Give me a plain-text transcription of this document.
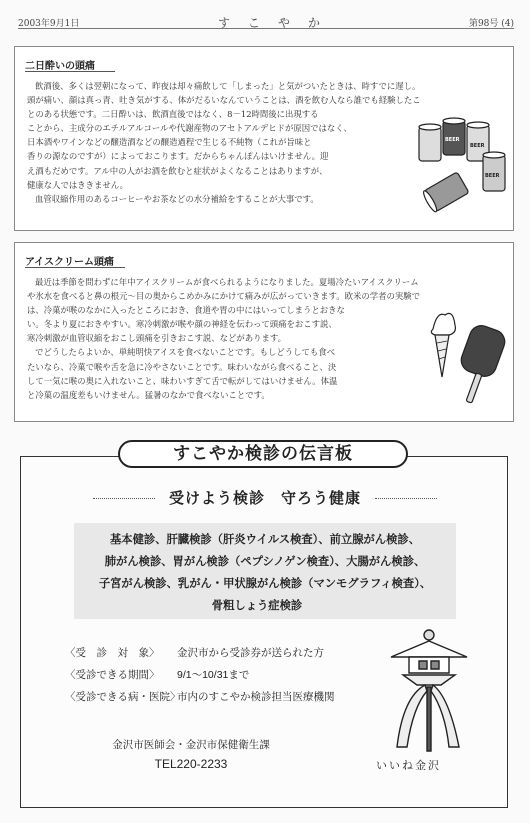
2003年9月1日	すこやか	第98号 (4)
二日酔いの頭痛
飲酒後、多くは翌朝になって、昨夜は却々痛飲して「しまった」と気がついたときは、時すでに遅し。
頭が痛い、顔は真っ青、吐き気がする、体がだるいなんていうことは、酒を飲む人なら誰でも経験したこ
とのある状態です。二日酔いは、飲酒直後ではなく、8－12時間後に出現する
ことから、主成分のエチルアルコールや代謝産物のアセトアルデヒドが原因ではなく、
日本酒やワインなどの醸造酒などの醸造過程で生じる不純物（これが旨味と
香りの源なのですが）によっておこります。だからちゃんぽんはいけません。迎
え酒もだめです。アル中の人がお酒を飲むと症状がよくなることはありますが、
健康な人ではききません。
血管収縮作用のあるコーヒーやお茶などの水分補給をすることが大事です。
BEER
BEER
BEER
アイスクリーム頭痛
最近は季節を問わずに年中アイスクリームが食べられるようになりました。夏場冷たいアイスクリーム
や氷水を食べると鼻の根元～目の奥からこめかみにかけて痛みが広がっていきます。欧米の学者の実験で
は、冷菓が喉のなかに入ったところにおき、食道や胃の中にはいってしまうとおきな
い。冬より夏におきやすい。寒冷刺激が喉や顔の神経を伝わって頭痛をおこす説、
寒冷刺激が血管収縮をおこし頭痛を引きおこす説、などがあります。
でどうしたらよいか、単純明快アイスを食べないことです。もしどうしても食べ
たいなら、冷菓で喉や舌を急に冷やさないことです。味わいながら食べること、決
して一気に喉の奥に入れないこと、味わいすぎて舌で転がしてはいけません。体温
と冷菓の温度差もいけません。猛暑のなかで食べないことです。
受けよう検診　守ろう健康
基本健診、肝臓検診（肝炎ウイルス検査）、前立腺がん検診、
肺がん検診、胃がん検診（ペプシノゲン検査）、大腸がん検診、
子宮がん検診、乳がん・甲状腺がん検診（マンモグラフィ検査）、
骨粗しょう症検診
〈受　診　対　象〉 金沢市から受診券が送られた方
〈受診できる期間〉 9/1～10/31まで
〈受診できる病・医院〉市内のすこやか検診担当医療機関
金沢市医師会・金沢市保健衛生課
TEL220-2233	いいね金沢
すこやか検診の伝言板
